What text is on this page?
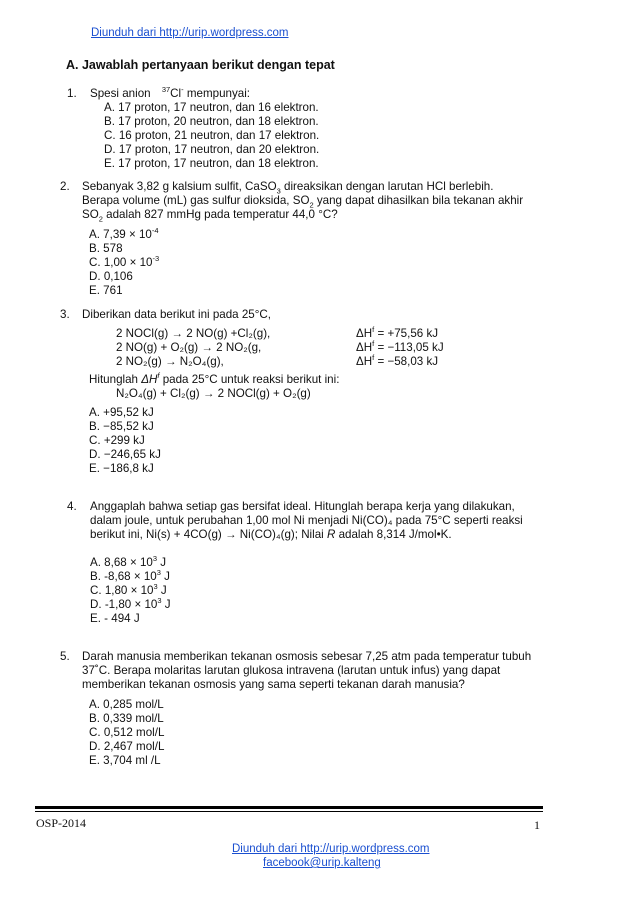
Diunduh dari http://urip.wordpress.com
A. Jawablah pertanyaan berikut dengan tepat
1. Spesi anion $^{37}$Cl- mempunyai:
A. 17 proton, 17 neutron, dan 16 elektron.
B. 17 proton, 20 neutron, dan 18 elektron.
C. 16 proton, 21 neutron, dan 17 elektron.
D. 17 proton, 17 neutron, dan 20 elektron.
E. 17 proton, 17 neutron, dan 18 elektron.
2. Sebanyak 3,82 g kalsium sulfit, CaSO$_3$ direaksikan dengan larutan HCl berlebih.
Berapa volume (mL) gas sulfur dioksida, $SO_2$ yang dapat dihasilkan bila tekanan akhir
$SO_2$ adalah 827 mmHg pada temperatur 44,0 °C?
A. $7,39 \times 10^{-4}$
B. 578
C. $1,00 \times 10^{-3}$
D. 0,106
E. 761
3. Diberikan data berikut ini pada 25°C,
2 NOCl(g) → 2 NO(g) +Cl₂(g),
2 NO(g) + O₂(g) → 2 NO₂(g,
2 NO₂(g) → N₂O₄(g),
$\Delta H^f = +75,56$ kJ
$\Delta H^f = -113,05$ kJ
$\Delta H^f = -58,03$ kJ
Hitunglah $\Delta H^f$ pada 25°C untuk reaksi berikut ini:
N₂O₄(g) + Cl₂(g) → 2 NOCl(g) + O₂(g)
A. +95,52 kJ
B. −85,52 kJ
C. +299 kJ
D. −246,65 kJ
E. −186,8 kJ
4. Anggaplah bahwa setiap gas bersifat ideal. Hitunglah berapa kerja yang dilakukan,
dalam joule, untuk perubahan 1,00 mol Ni menjadi Ni(CO)₄ pada 75°C seperti reaksi
berikut ini, Ni(s) + 4CO(g) → Ni(CO)₄(g); Nilai R adalah 8,314 J/mol•K.
A. $8,68 \times 10^3$ J
B. $-8,68 \times 10^3$ J
C. $1,80 \times 10^3$ J
D. $-1,80 \times 10^3$ J
E. - 494 J
5. Darah manusia memberikan tekanan osmosis sebesar 7,25 atm pada temperatur tubuh
37˚C. Berapa molaritas larutan glukosa intravena (larutan untuk infus) yang dapat
memberikan tekanan osmosis yang sama seperti tekanan darah manusia?
A. 0,285 mol/L
B. 0,339 mol/L
C. 0,512 mol/L
D. 2,467 mol/L
E. 3,704 ml /L
OSP-2014	1
Diunduh dari http://urip.wordpress.com
facebook@urip.kalteng
